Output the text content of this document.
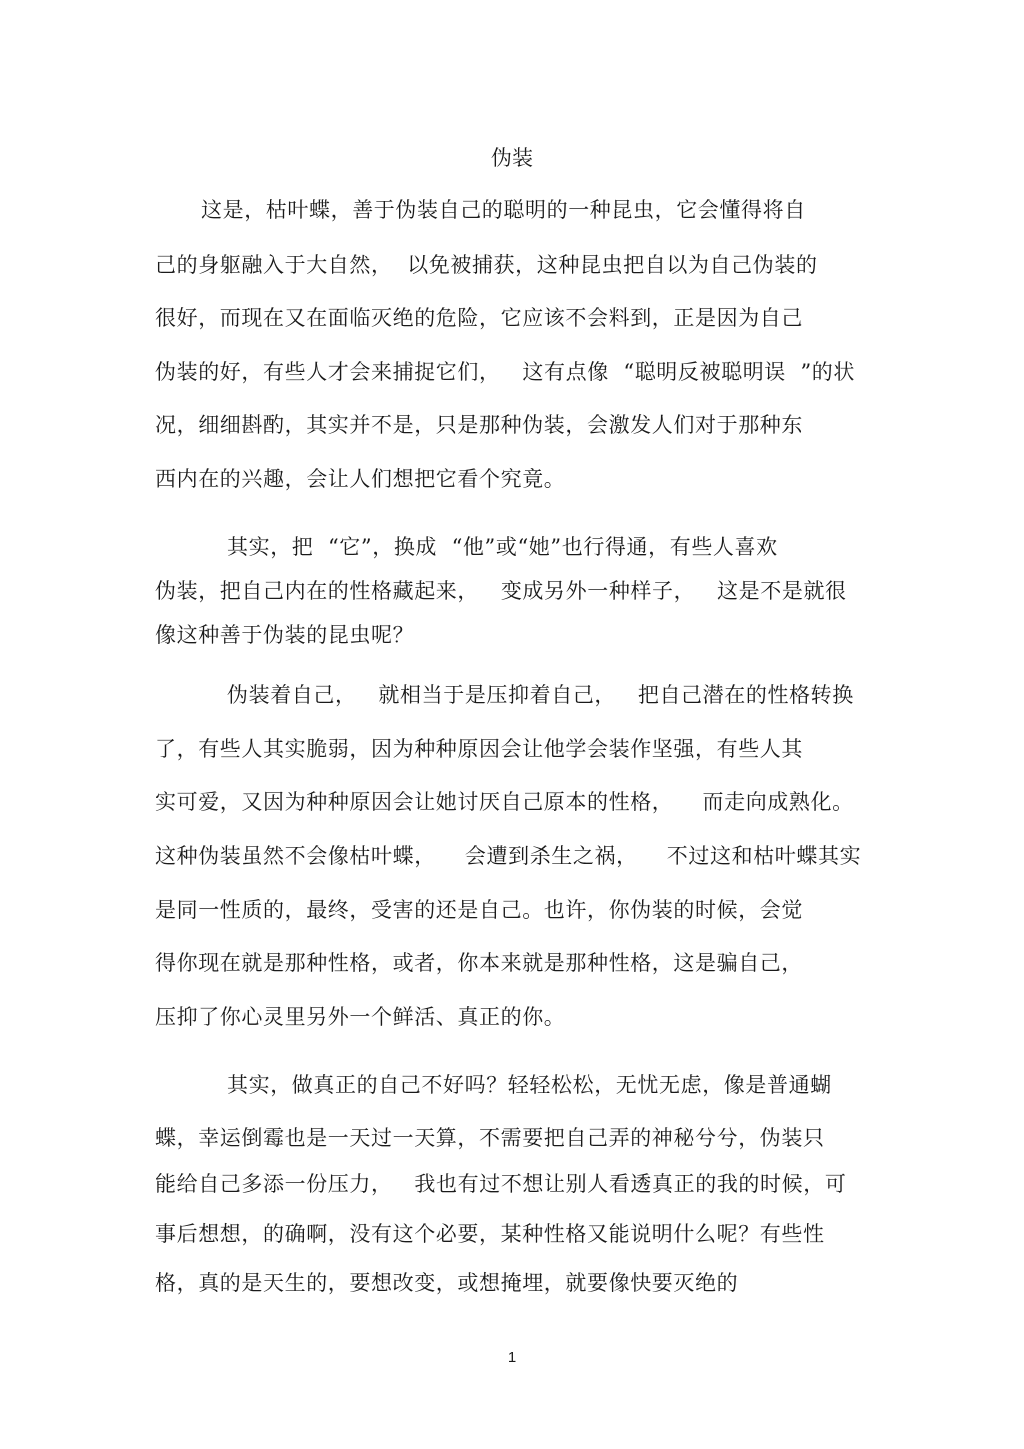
伪装
这是，枯叶蝶，善于伪装自己的聪明的一种昆虫，它会懂得将自
己的身躯融入于大自然，  以免被捕获，这种昆虫把自以为自己伪装的
很好，而现在又在面临灭绝的危险，它应该不会料到，正是因为自己
伪装的好，有些人才会来捕捉它们，   这有点像  “聪明反被聪明误  ”的状
况，细细斟酌，其实并不是，只是那种伪装，会激发人们对于那种东
西内在的兴趣，会让人们想把它看个究竟。
其实，把  “它”，换成  “他”或“她”也行得通，有些人喜欢
伪装，把自己内在的性格藏起来，   变成另外一种样子，   这是不是就很
像这种善于伪装的昆虫呢？
伪装着自己，   就相当于是压抑着自己，   把自己潜在的性格转换
了，有些人其实脆弱，因为种种原因会让他学会装作坚强，有些人其
实可爱，又因为种种原因会让她讨厌自己原本的性格，    而走向成熟化。
这种伪装虽然不会像枯叶蝶，    会遭到杀生之祸，    不过这和枯叶蝶其实
是同一性质的，最终，受害的还是自己。也许，你伪装的时候，会觉
得你现在就是那种性格，或者，你本来就是那种性格，这是骗自己，
压抑了你心灵里另外一个鲜活、真正的你。
其实，做真正的自己不好吗？轻轻松松，无忧无虑，像是普通蝴
蝶，幸运倒霉也是一天过一天算，不需要把自己弄的神秘兮兮，伪装只
能给自己多添一份压力，   我也有过不想让别人看透真正的我的时候，可
事后想想，的确啊，没有这个必要，某种性格又能说明什么呢？有些性
格，真的是天生的，要想改变，或想掩埋，就要像快要灭绝的
1
